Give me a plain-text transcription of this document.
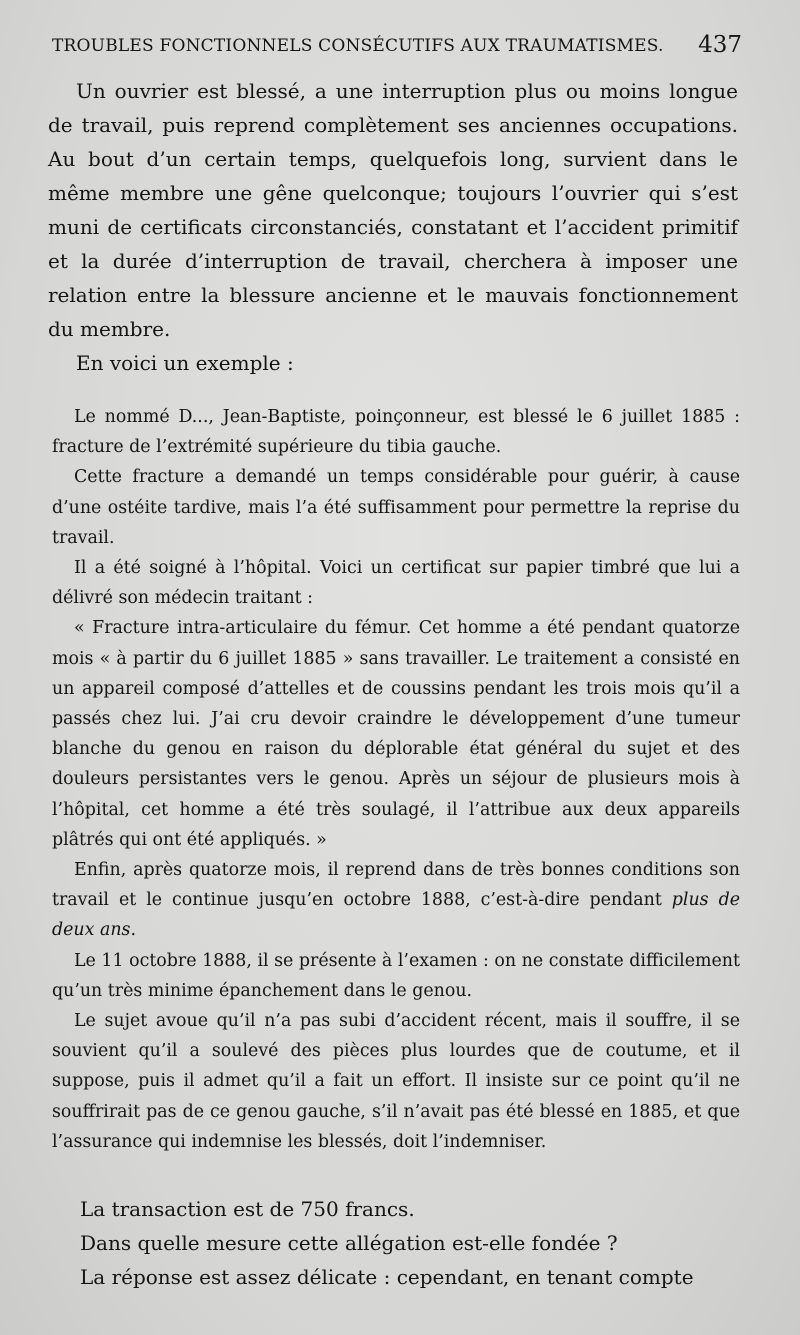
TROUBLES FONCTIONNELS CONSÉCUTIFS AUX TRAUMATISMES. 437

Un ouvrier est blessé, a une interruption plus ou moins longue de travail, puis reprend complètement ses anciennes occupations. Au bout d’un certain temps, quelquefois long, survient dans le même membre une gêne quelconque; toujours l’ouvrier qui s’est muni de certificats circonstanciés, constatant et l’accident primitif et la durée d’interruption de travail, cherchera à imposer une relation entre la blessure ancienne et le mauvais fonctionnement du membre.

En voici un exemple :

Le nommé D..., Jean-Baptiste, poinçonneur, est blessé le 6 juillet 1885 : fracture de l’extrémité supérieure du tibia gauche.

Cette fracture a demandé un temps considérable pour guérir, à cause d’une ostéite tardive, mais l’a été suffisamment pour permettre la reprise du travail.

Il a été soigné à l’hôpital. Voici un certificat sur papier timbré que lui a délivré son médecin traitant :

« Fracture intra-articulaire du fémur. Cet homme a été pendant quatorze mois « à partir du 6 juillet 1885 » sans travailler. Le traitement a consisté en un appareil composé d’attelles et de coussins pendant les trois mois qu’il a passés chez lui. J’ai cru devoir craindre le développement d’une tumeur blanche du genou en raison du déplorable état général du sujet et des douleurs persistantes vers le genou. Après un séjour de plusieurs mois à l’hôpital, cet homme a été très soulagé, il l’attribue aux deux appareils plâtrés qui ont été appliqués. »

Enfin, après quatorze mois, il reprend dans de très bonnes conditions son travail et le continue jusqu’en octobre 1888, c’est-à-dire pendant plus de deux ans.

Le 11 octobre 1888, il se présente à l’examen : on ne constate difficilement qu’un très minime épanchement dans le genou.

Le sujet avoue qu’il n’a pas subi d’accident récent, mais il souffre, il se souvient qu’il a soulevé des pièces plus lourdes que de coutume, et il suppose, puis il admet qu’il a fait un effort. Il insiste sur ce point qu’il ne souffrirait pas de ce genou gauche, s’il n’avait pas été blessé en 1885, et que l’assurance qui indemnise les blessés, doit l’indemniser.

La transaction est de 750 francs.

Dans quelle mesure cette allégation est-elle fondée ?

La réponse est assez délicate : cependant, en tenant compte
